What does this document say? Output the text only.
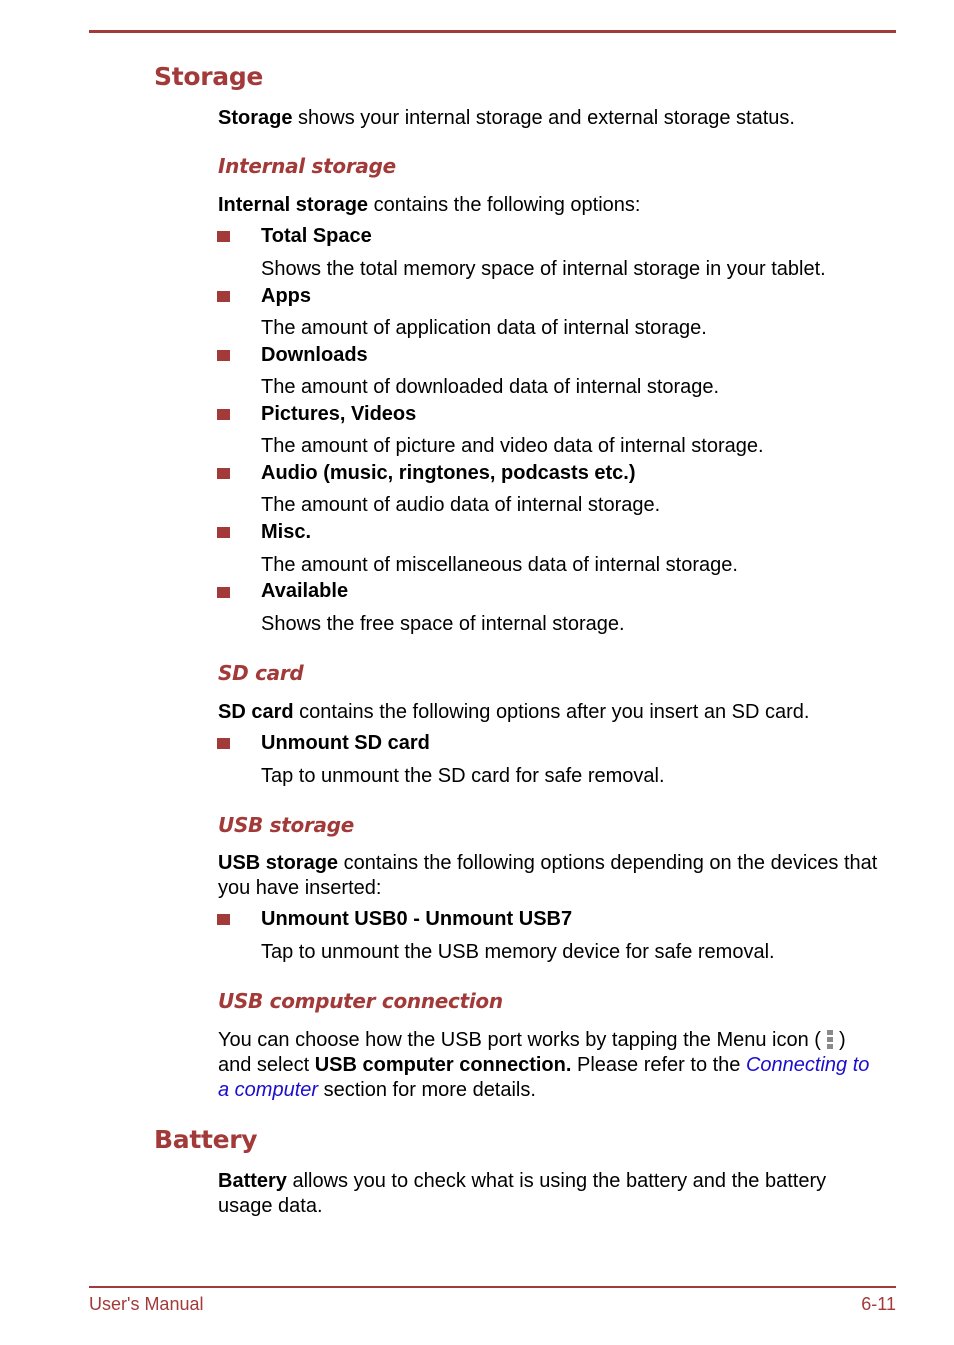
Storage

Storage shows your internal storage and external storage status.

Internal storage

Internal storage contains the following options:

Total Space

Shows the total memory space of internal storage in your tablet.

Apps

The amount of application data of internal storage.

Downloads

The amount of downloaded data of internal storage.

Pictures, Videos

The amount of picture and video data of internal storage.

Audio (music, ringtones, podcasts etc.)

The amount of audio data of internal storage.

Misc.

The amount of miscellaneous data of internal storage.

Available

Shows the free space of internal storage.

SD card

SD card contains the following options after you insert an SD card.

Unmount SD card

Tap to unmount the SD card for safe removal.

USB storage

USB storage contains the following options depending on the devices that you have inserted:

Unmount USB0 - Unmount USB7

Tap to unmount the USB memory device for safe removal.

USB computer connection

You can choose how the USB port works by tapping the Menu icon ( )
and select USB computer connection. Please refer to the Connecting to
a computer section for more details.

Battery

Battery allows you to check what is using the battery and the battery usage data.

User's Manual	6-11
